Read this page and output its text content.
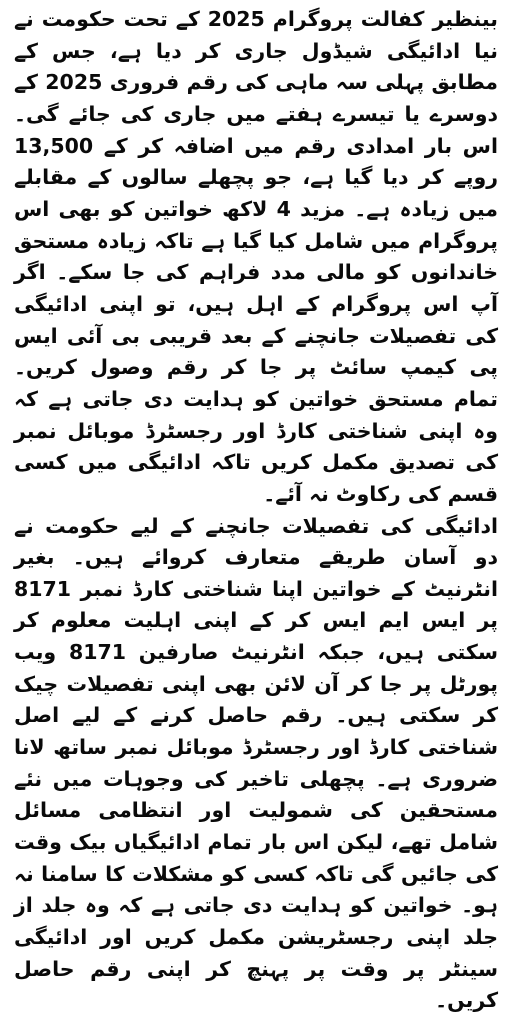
بینظیر کفالت پروگرام 2025 کے تحت حکومت نے نیا ادائیگی شیڈول جاری کر دیا ہے، جس کے مطابق پہلی سہ ماہی کی رقم فروری 2025 کے دوسرے یا تیسرے ہفتے میں جاری کی جائے گی۔ اس بار امدادی رقم میں اضافہ کر کے 13,500 روپے کر دیا گیا ہے، جو پچھلے سالوں کے مقابلے میں زیادہ ہے۔ مزید 4 لاکھ خواتین کو بھی اس پروگرام میں شامل کیا گیا ہے تاکہ زیادہ مستحق خاندانوں کو مالی مدد فراہم کی جا سکے۔ اگر آپ اس پروگرام کے اہل ہیں، تو اپنی ادائیگی کی تفصیلات جانچنے کے بعد قریبی بی آئی ایس پی کیمپ سائٹ پر جا کر رقم وصول کریں۔ تمام مستحق خواتین کو ہدایت دی جاتی ہے کہ وہ اپنی شناختی کارڈ اور رجسٹرڈ موبائل نمبر کی تصدیق مکمل کریں تاکہ ادائیگی میں کسی قسم کی رکاوٹ نہ آئے۔

ادائیگی کی تفصیلات جانچنے کے لیے حکومت نے دو آسان طریقے متعارف کروائے ہیں۔ بغیر انٹرنیٹ کے خواتین اپنا شناختی کارڈ نمبر 8171 پر ایس ایم ایس کر کے اپنی اہلیت معلوم کر سکتی ہیں، جبکہ انٹرنیٹ صارفین 8171 ویب پورٹل پر جا کر آن لائن بھی اپنی تفصیلات چیک کر سکتی ہیں۔ رقم حاصل کرنے کے لیے اصل شناختی کارڈ اور رجسٹرڈ موبائل نمبر ساتھ لانا ضروری ہے۔ پچھلی تاخیر کی وجوہات میں نئے مستحقین کی شمولیت اور انتظامی مسائل شامل تھے، لیکن اس بار تمام ادائیگیاں بیک وقت کی جائیں گی تاکہ کسی کو مشکلات کا سامنا نہ ہو۔ خواتین کو ہدایت دی جاتی ہے کہ وہ جلد از جلد اپنی رجسٹریشن مکمل کریں اور ادائیگی سینٹر پر وقت پر پہنچ کر اپنی رقم حاصل کریں۔
